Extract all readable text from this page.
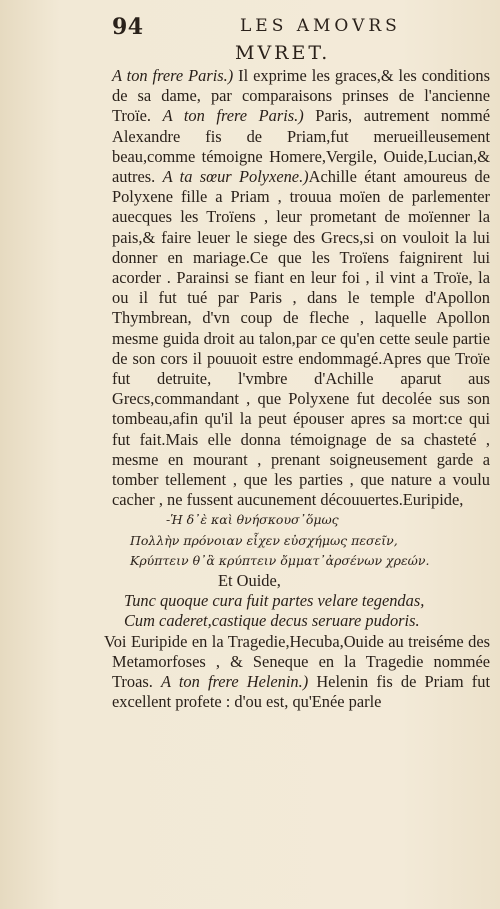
94	LES AMOVRS
MVRET.

A ton frere Paris.) Il exprime les graces,& les conditions de sa dame, par comparaisons prinses de l'ancienne Troïe. A ton frere Paris.) Paris, autrement nommé Alexandre fis de Priam,fut merueilleusement beau,comme témoigne Homere,Vergile, Ouide,Lucian,& autres. A ta sœur Polyxene.)Achille étant amoureus de Polyxene fille a Priam , trouua moïen de parlementer auecques les Troïens , leur prometant de moïenner la pais,& faire leuer le siege des Grecs,si on vouloit la lui donner en mariage.Ce que les Troïens faignirent lui acorder . Parainsi se fiant en leur foi , il vint a Troïe, la ou il fut tué par Paris , dans le temple d'Apollon Thymbrean, d'vn coup de fleche , laquelle Apollon mesme guida droit au talon,par ce qu'en cette seule partie de son cors il pouuoit estre endommagé.Apres que Troïe fut detruite, l'vmbre d'Achille aparut aus Grecs,commandant , que Polyxene fut decolée sus son tombeau,afin qu'il la peut épouser apres sa mort:ce qui fut fait.Mais elle donna témoignage de sa chasteté , mesme en mourant , prenant soigneusement garde a tomber tellement , que les parties , que nature a voulu cacher , ne fussent aucunement découuertes.Euripide,

-Ἡ δ᾽ὲ καὶ θνήσκουσ᾽ὅμως
Πολλὴν πρόνοιαν εἶχεν εὐσχήμως πεσεῖν,
Κρύπτειν θ᾽ἃ κρύπτειν ὄμματ᾽ἀρσένων χρεών.
Et Ouide,
Tunc quoque cura fuit partes velare tegendas,
Cum caderet,castique decus seruare pudoris.

Voi Euripide en la Tragedie,Hecuba,Ouide au treiséme des Metamorfoses , & Seneque en la Tragedie nommée Troas. A ton frere Helenin.) Helenin fis de Priam fut excellent profete : d'ou est, qu'Enée parle
